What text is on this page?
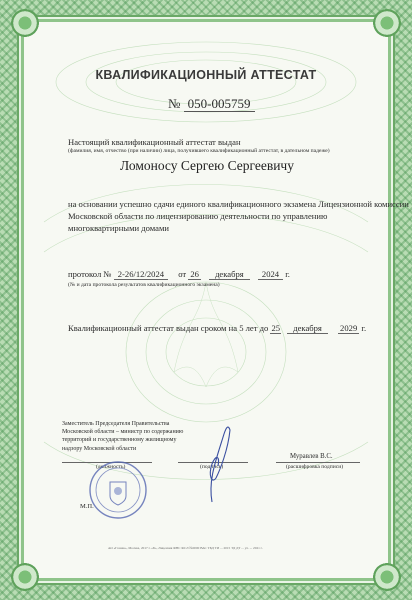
КВАЛИФИКАЦИОННЫЙ АТТЕСТАТ
№ 050-005759
Настоящий квалификационный аттестат выдан
(фамилия, имя, отчество (при наличии) лица, получившего квалификационный аттестат, в дательном падеже)
Ломоносу Сергею Сергеевичу
на основании успешно сдачи единого квалификационного экзамена Лицензионной комиссии
Московской области по лицензированию деятельности по управлению
многоквартирными домами
протокол № 2-26/12/2024 от 26 декабря 2024 г.
(№ и дата протокола результатов квалификационного экзамена)
Квалификационный аттестат выдан сроком на 5 лет до 25 декабря 2029 г.
Заместитель Председателя Правительства
Московской области – министр по содержанию
территорий и государственному жилищному
надзору Московской области
(должность)	(подпись)
Муравлев В.С.
(расшифровка подписи)
М.П.
АО «Гознак», Москва, 2017 г. «Б», Лицензия ФНС ФСЛ №0000 ВАС ТБД ТИ ... 2015 ТД ДТ ... ул. ... 2021 г.
